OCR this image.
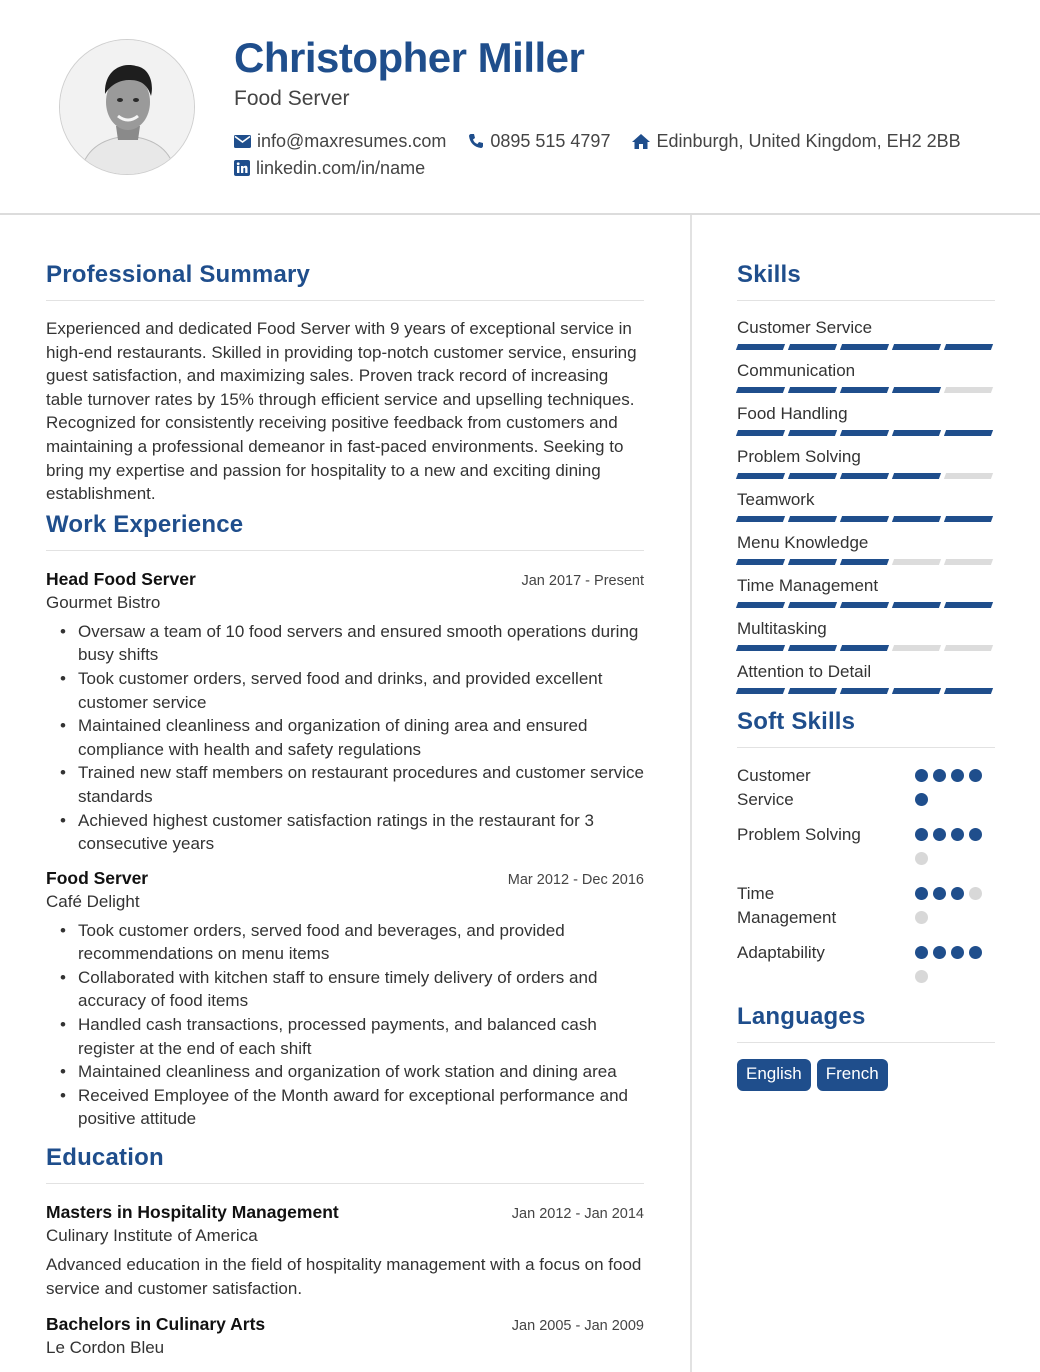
Christopher Miller
Food Server
info@maxresumes.com 0895 515 4797	Edinburgh, United Kingdom, EH2 2BB
linkedin.com/in/name
Professional Summary

Experienced and dedicated Food Server with 9 years of exceptional service in high-end restaurants. Skilled in providing top-notch customer service, ensuring guest satisfaction, and maximizing sales. Proven track record of increasing table turnover rates by 15% through efficient service and upselling techniques. Recognized for consistently receiving positive feedback from customers and maintaining a professional demeanor in fast-paced environments. Seeking to bring my expertise and passion for hospitality to a new and exciting dining establishment.

Work Experience
Head Food Server	Jan 2017 - Present
Gourmet Bistro
• Oversaw a team of 10 food servers and ensured smooth operations during busy shifts
• Took customer orders, served food and drinks, and provided excellent customer service
• Maintained cleanliness and organization of dining area and ensured compliance with health and safety regulations
• Trained new staff members on restaurant procedures and customer service standards
• Achieved highest customer satisfaction ratings in the restaurant for 3 consecutive years
Food Server	Mar 2012 - Dec 2016
Café Delight
• Took customer orders, served food and beverages, and provided recommendations on menu items
• Collaborated with kitchen staff to ensure timely delivery of orders and accuracy of food items
• Handled cash transactions, processed payments, and balanced cash register at the end of each shift
• Maintained cleanliness and organization of work station and dining area
• Received Employee of the Month award for exceptional performance and positive attitude
Education
Masters in Hospitality Management	Jan 2012 - Jan 2014
Culinary Institute of America

Advanced education in the field of hospitality management with a focus on food service and customer satisfaction.

Bachelors in Culinary Arts	Jan 2005 - Jan 2009
Le Cordon Bleu
Skills
Customer Service
Communication
Food Handling
Problem Solving
Teamwork
Menu Knowledge
Time Management
Multitasking
Attention to Detail
Soft Skills
Customer Service
Problem Solving
Time Management
Adaptability
Languages
English	French
